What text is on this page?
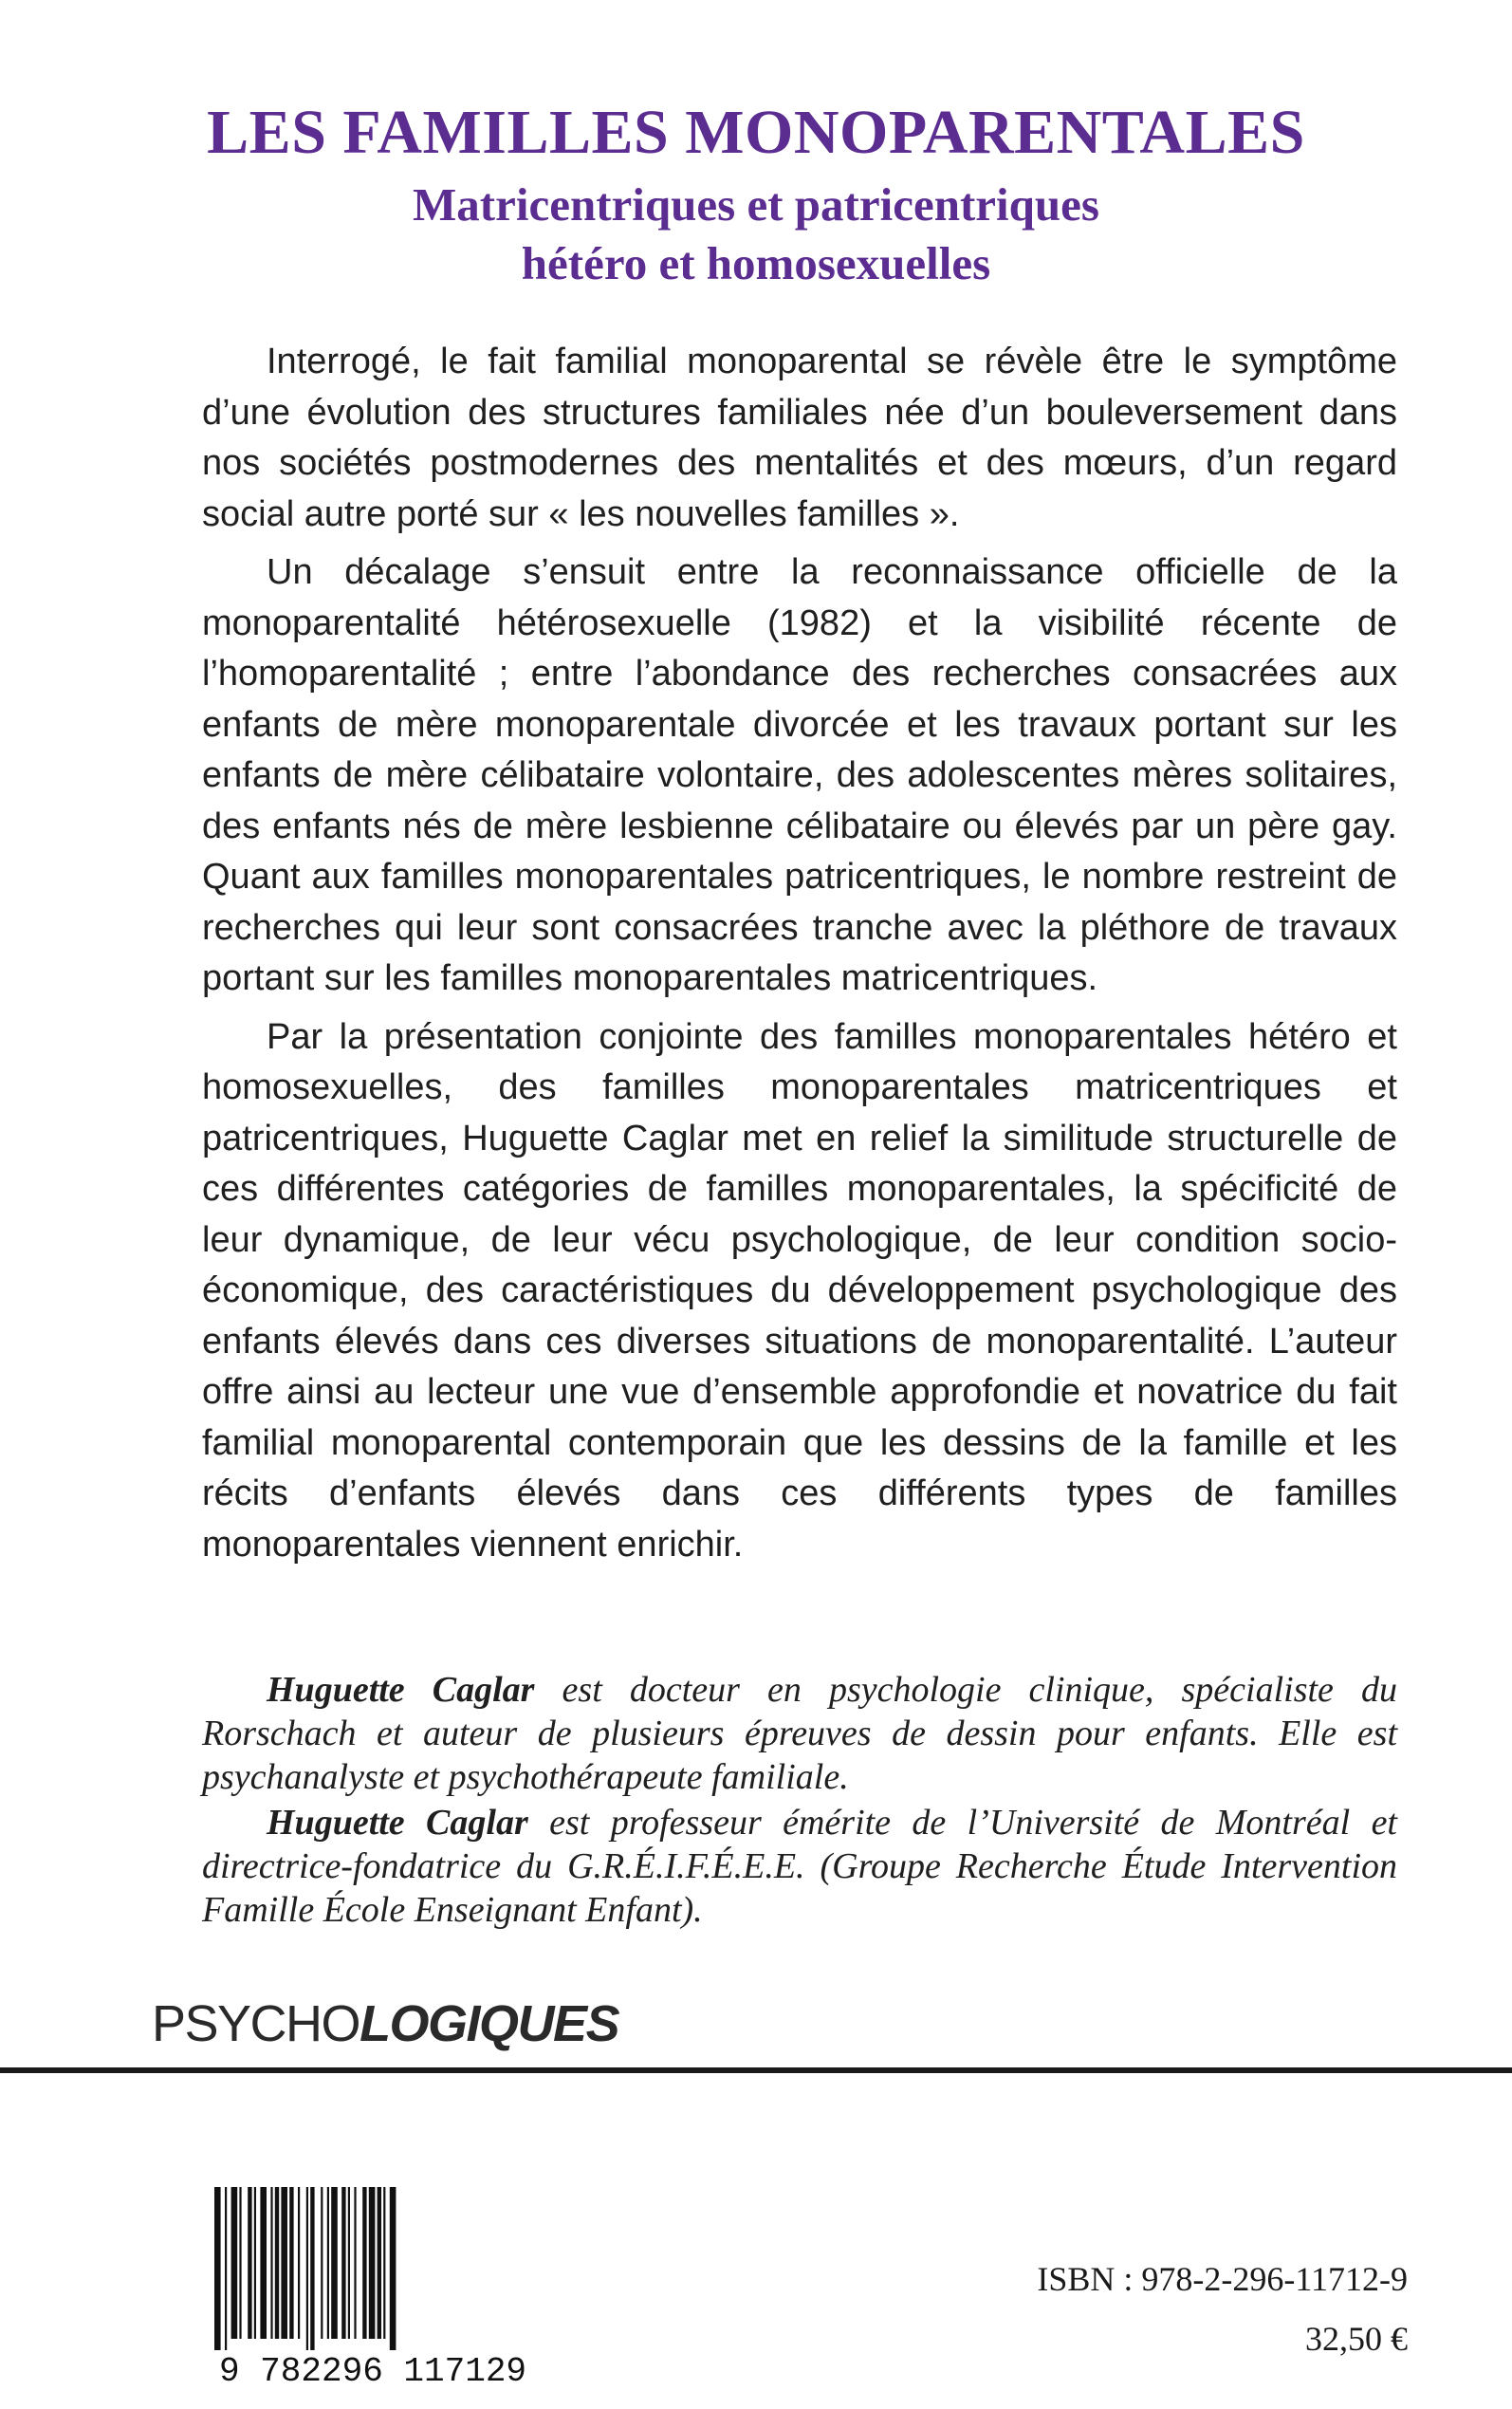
LES FAMILLES MONOPARENTALES
Matricentriques et patricentriques
hétéro et homosexuelles

Interrogé, le fait familial monoparental se révèle être le symptôme d’une évolution des structures familiales née d’un bouleversement dans nos sociétés postmodernes des mentalités et des mœurs, d’un regard social autre porté sur « les nouvelles familles ».

Un décalage s’ensuit entre la reconnaissance officielle de la monoparentalité hétérosexuelle (1982) et la visibilité récente de l’homoparentalité ; entre l’abondance des recherches consacrées aux enfants de mère monoparentale divorcée et les travaux portant sur les enfants de mère célibataire volontaire, des adolescentes mères solitaires, des enfants nés de mère lesbienne célibataire ou élevés par un père gay. Quant aux familles monoparentales patricentriques, le nombre restreint de recherches qui leur sont consacrées tranche avec la pléthore de travaux portant sur les familles monoparentales matricentriques.

Par la présentation conjointe des familles monoparentales hétéro et homosexuelles, des familles monoparentales matricentriques et patricentriques, Huguette Caglar met en relief la similitude structurelle de ces différentes catégories de familles monoparentales, la spécificité de leur dynamique, de leur vécu psychologique, de leur condition socio-économique, des caractéristiques du développement psychologique des enfants élevés dans ces diverses situations de monoparentalité. L’auteur offre ainsi au lecteur une vue d’ensemble approfondie et novatrice du fait familial monoparental contemporain que les dessins de la famille et les récits d’enfants élevés dans ces différents types de familles monoparentales viennent enrichir.

Huguette Caglar est docteur en psychologie clinique, spécialiste du Rorschach et auteur de plusieurs épreuves de dessin pour enfants. Elle est psychanalyste et psychothérapeute familiale.

Huguette Caglar est professeur émérite de l’Université de Montréal et directrice-fondatrice du G.R.É.I.F.É.E.E. (Groupe Recherche Étude Intervention Famille École Enseignant Enfant).

PSYCHOLOGIQUES
9 782296 117129
ISBN : 978-2-296-11712-9
32,50 €
